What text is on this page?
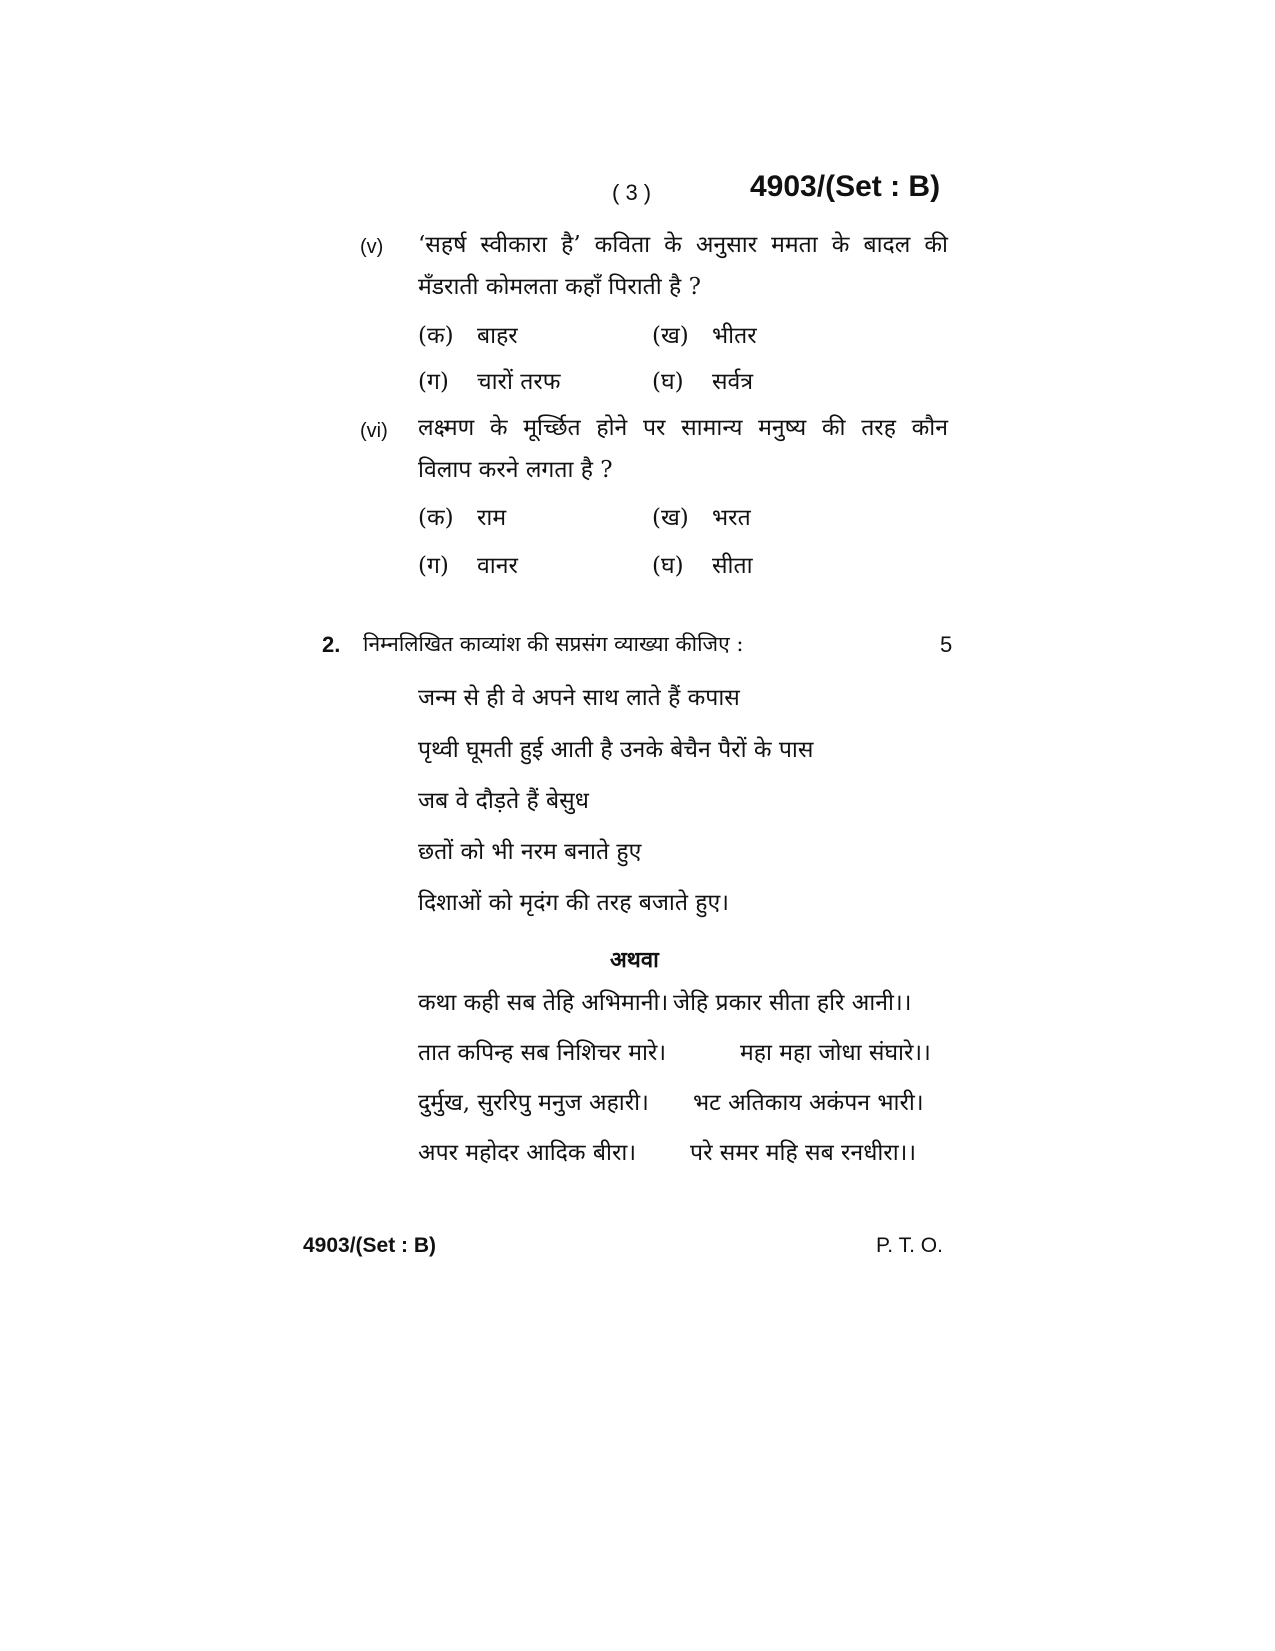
( 3 )	4903/(Set : B)
(v) ‘सहर्ष स्वीकारा है’ कविता के अनुसार ममता के बादल की
मँडराती कोमलता कहाँ पिराती है ?
(क) बाहर	(ख) भीतर
(ग) चारों तरफ	(घ) सर्वत्र
(vi) लक्ष्मण के मूर्च्छित होने पर सामान्य मनुष्य की तरह कौन
विलाप करने लगता है ?
(क) राम	(ख) भरत
(ग) वानर	(घ) सीता
2. निम्नलिखित काव्यांश की सप्रसंग व्याख्या कीजिए :	5
जन्म से ही वे अपने साथ लाते हैं कपास
पृथ्वी घूमती हुई आती है उनके बेचैन पैरों के पास
जब वे दौड़ते हैं बेसुध
छतों को भी नरम बनाते हुए
दिशाओं को मृदंग की तरह बजाते हुए।
अथवा
कथा कही सब तेहि अभिमानी। जेहि प्रकार सीता हरि आनी।।
तात कपिन्ह सब निशिचर मारे।	महा महा जोधा संघारे।।
दुर्मुख, सुररिपु मनुज अहारी। भट अतिकाय अकंपन भारी।
अपर महोदर आदिक बीरा। परे समर महि सब रनधीरा।।
4903/(Set : B)	P. T. O.
